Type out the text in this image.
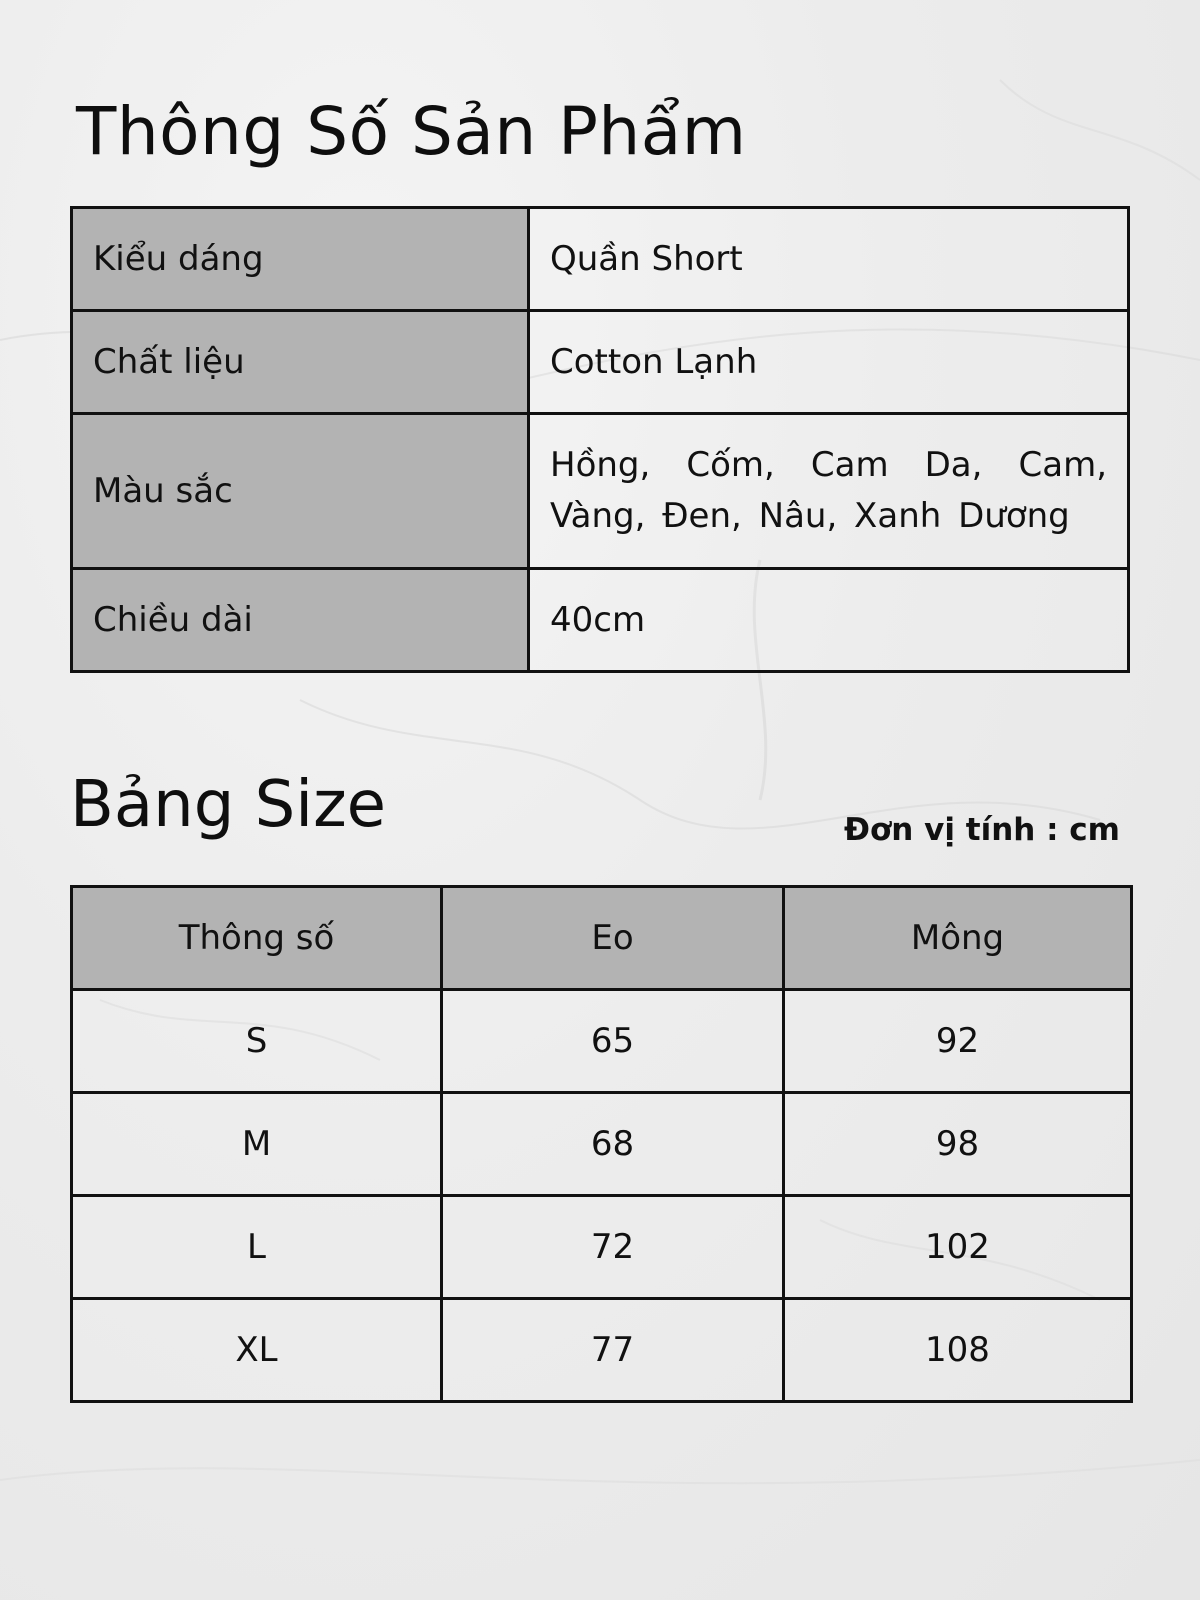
Thông Số Sản Phẩm
Kiểu dáng	Quần Short
Chất liệu	Cotton Lạnh
Màu sắc	Hồng, Cốm, Cam Da, Cam, Vàng, Đen, Nâu, Xanh Dương
Chiều dài	40cm
Bảng Size	Đơn vị tính : cm
Thông số	Eo	Mông
S	65	92
M	68	98
L	72	102
XL	77	108
